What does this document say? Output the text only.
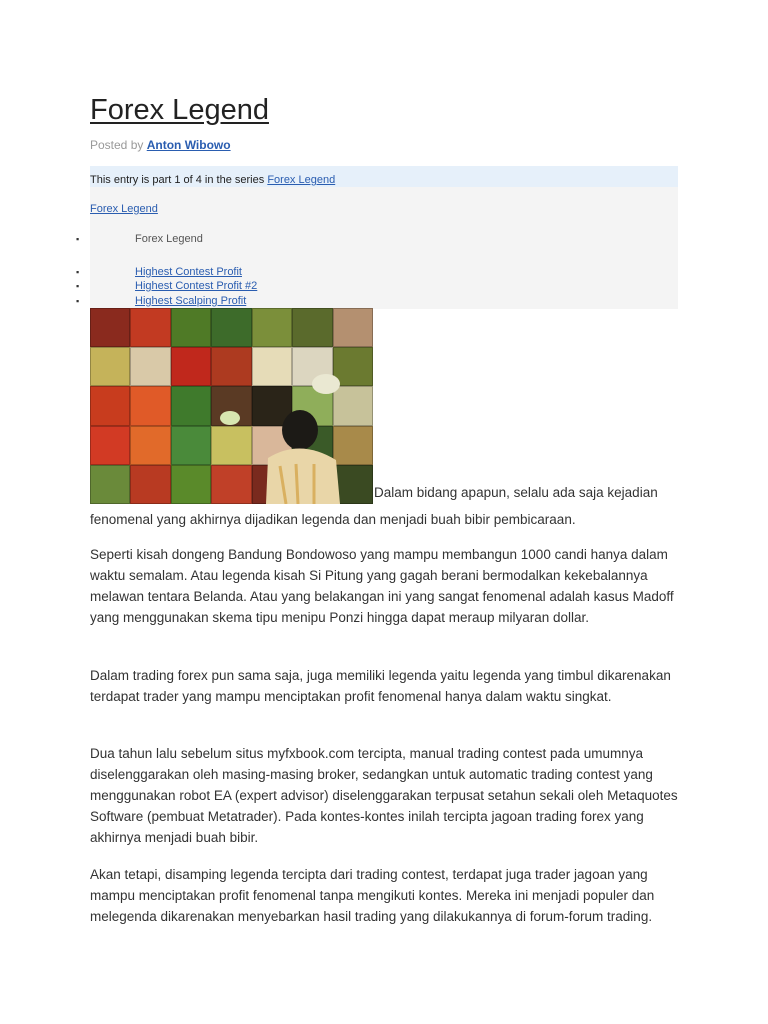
Forex Legend
Posted by Anton Wibowo
This entry is part 1 of 4 in the series Forex Legend
Forex Legend
▪	Forex Legend
▪	Highest Contest Profit
▪	Highest Contest Profit #2
▪	Highest Scalping Profit
Dalam bidang apapun, selalu ada saja kejadian

fenomenal yang akhirnya dijadikan legenda dan menjadi buah bibir pembicaraan.

Seperti kisah dongeng Bandung Bondowoso yang mampu membangun 1000 candi hanya dalam waktu semalam. Atau legenda kisah Si Pitung yang gagah berani bermodalkan kekebalannya melawan tentara Belanda. Atau yang belakangan ini yang sangat fenomenal adalah kasus Madoff yang menggunakan skema tipu menipu Ponzi hingga dapat meraup milyaran dollar.

Dalam trading forex pun sama saja, juga memiliki legenda yaitu legenda yang timbul dikarenakan terdapat trader yang mampu menciptakan profit fenomenal hanya dalam waktu singkat.

Dua tahun lalu sebelum situs myfxbook.com tercipta, manual trading contest pada umumnya diselenggarakan oleh masing-masing broker, sedangkan untuk automatic trading contest yang menggunakan robot EA (expert advisor) diselenggarakan terpusat setahun sekali oleh Metaquotes Software (pembuat Metatrader). Pada kontes-kontes inilah tercipta jagoan trading forex yang akhirnya menjadi buah bibir.

Akan tetapi, disamping legenda tercipta dari trading contest, terdapat juga trader jagoan yang mampu menciptakan profit fenomenal tanpa mengikuti kontes. Mereka ini menjadi populer dan melegenda dikarenakan menyebarkan hasil trading yang dilakukannya di forum-forum trading.
